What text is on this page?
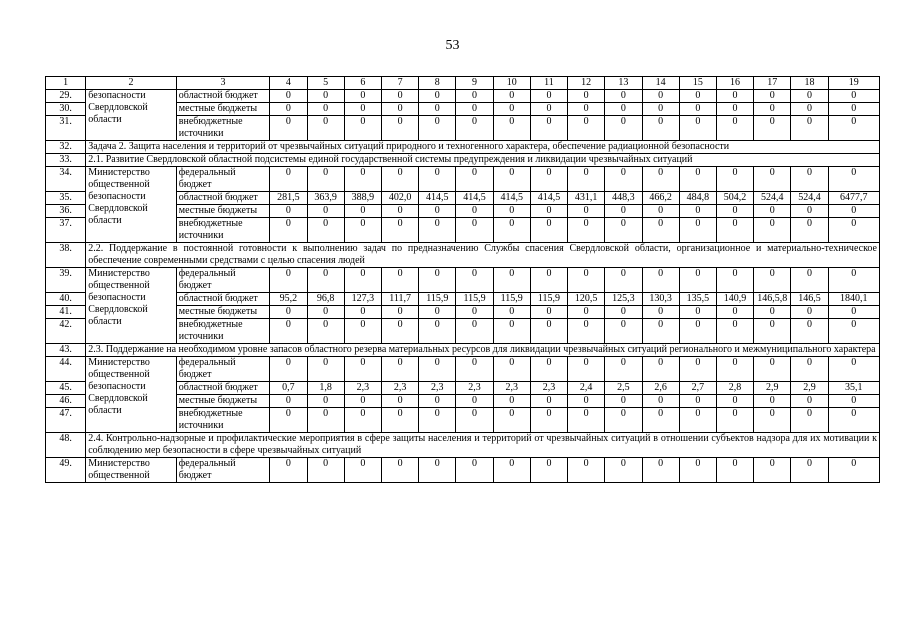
53
1	2	3	4	5	6	7	8	9	10	11	12	13	14	15	16	17	18	19
29.	безопасности Свердловской области	областной бюджет	0	0	0	0	0	0	0	0	0	0	0	0	0	0	0	0
30.		местные бюджеты	0	0	0	0	0	0	0	0	0	0	0	0	0	0	0	0
31.		внебюджетные источники	0	0	0	0	0	0	0	0	0	0	0	0	0	0	0	0
32.	Задача 2. Защита населения и территорий от чрезвычайных ситуаций природного и техногенного характера, обеспечение радиационной безопасности																	
33.	2.1. Развитие Свердловской областной подсистемы единой государственной системы предупреждения и ликвидации чрезвычайных ситуаций																	
34.	Министерство общественной безопасности Свердловской области	федеральный бюджет	0	0	0	0	0	0	0	0	0	0	0	0	0	0	0	0
35.		областной бюджет	281,5	363,9	388,9	402,0	414,5	414,5	414,5	414,5	431,1	448,3	466,2	484,8	504,2	524,4	524,4	6477,7
36.		местные бюджеты	0	0	0	0	0	0	0	0	0	0	0	0	0	0	0	0
37.		внебюджетные источники	0	0	0	0	0	0	0	0	0	0	0	0	0	0	0	0
38.	2.2. Поддержание в постоянной готовности к выполнению задач по предназначению Службы спасения Свердловской области, организационное и материально-техническое обеспечение современными средствами с целью спасения людей																	
39.	Министерство общественной безопасности Свердловской области	федеральный бюджет	0	0	0	0	0	0	0	0	0	0	0	0	0	0	0	0
40.		областной бюджет	95,2	96,8	127,3	111,7	115,9	115,9	115,9	115,9	120,5	125,3	130,3	135,5	140,9	146,5,8	146,5	1840,1
41.		местные бюджеты	0	0	0	0	0	0	0	0	0	0	0	0	0	0	0	0
42.		внебюджетные источники	0	0	0	0	0	0	0	0	0	0	0	0	0	0	0	0
43.	2.3. Поддержание на необходимом уровне запасов областного резерва материальных ресурсов для ликвидации чрезвычайных ситуаций регионального и межмуниципального характера																	
44.	Министерство общественной безопасности Свердловской области	федеральный бюджет	0	0	0	0	0	0	0	0	0	0	0	0	0	0	0	0
45.		областной бюджет	0,7	1,8	2,3	2,3	2,3	2,3	2,3	2,3	2,4	2,5	2,6	2,7	2,8	2,9	2,9	35,1
46.		местные бюджеты	0	0	0	0	0	0	0	0	0	0	0	0	0	0	0	0
47.		внебюджетные источники	0	0	0	0	0	0	0	0	0	0	0	0	0	0	0	0
48.	2.4. Контрольно-надзорные и профилактические мероприятия в сфере защиты населения и территорий от чрезвычайных ситуаций в отношении субъектов надзора для их мотивации к соблюдению мер безопасности в сфере чрезвычайных ситуаций																	
49.	Министерство общественной	федеральный бюджет	0	0	0	0	0	0	0	0	0	0	0	0	0	0	0	0
